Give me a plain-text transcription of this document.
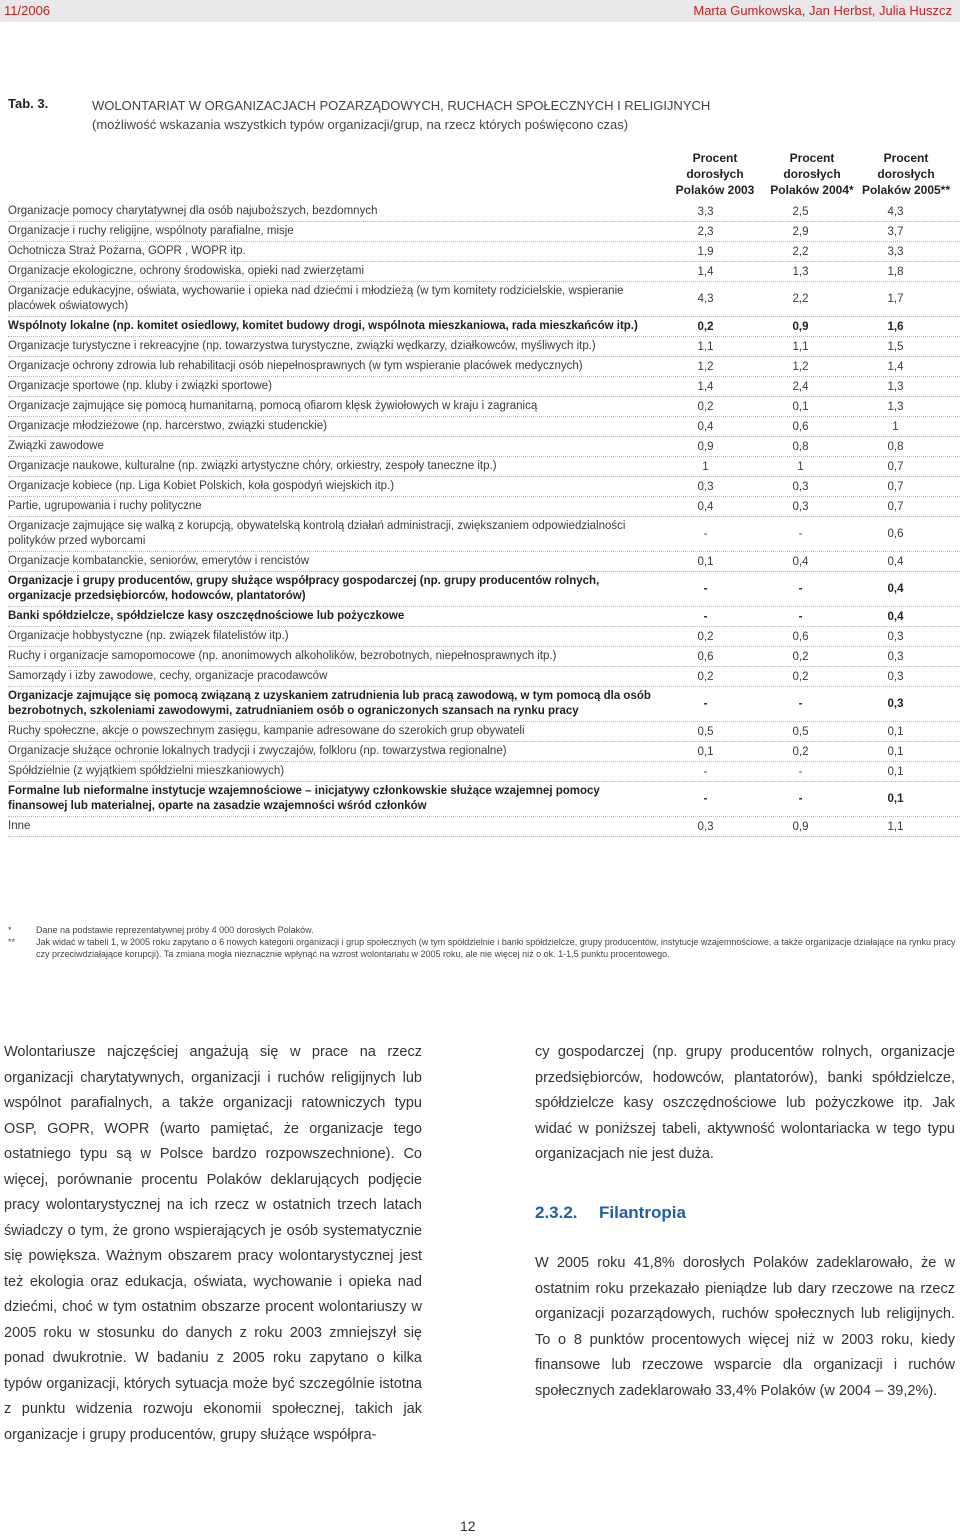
11/2006	Marta Gumkowska, Jan Herbst, Julia Huszcz
Tab. 3.	WOLONTARIAT W ORGANIZACJACH POZARZĄDOWYCH, RUCHACH SPOŁECZNYCH I RELIGIJNYCH
(możliwość wskazania wszystkich typów organizacji/grup, na rzecz których poświęcono czas)
Procent dorosłych Polaków 2003
Procent dorosłych Polaków 2004*
Procent dorosłych Polaków 2005**
Organizacje pomocy charytatywnej dla osób najuboższych, bezdomnych	3,3	2,5	4,3
Organizacje i ruchy religijne, wspólnoty parafialne, misje	2,3	2,9	3,7
Ochotnicza Straż Pożarna, GOPR , WOPR itp.	1,9	2,2	3,3
Organizacje ekologiczne, ochrony środowiska, opieki nad zwierzętami	1,4	1,3	1,8
Organizacje edukacyjne, oświata, wychowanie i opieka nad dziećmi i młodzieżą (w tym komitety rodzicielskie, wspieranie placówek oświatowych)
4,3	2,2	1,7
Wspólnoty lokalne (np. komitet osiedlowy, komitet budowy drogi, wspólnota mieszkaniowa, rada mieszkańców itp.)	0,2	0,9	1,6
Organizacje turystyczne i rekreacyjne (np. towarzystwa turystyczne, związki wędkarzy, działkowców, myśliwych itp.)	1,1	1,1	1,5
Organizacje ochrony zdrowia lub rehabilitacji osób niepełnosprawnych (w tym wspieranie placówek medycznych)	1,2	1,2	1,4
Organizacje sportowe (np. kluby i związki sportowe)	1,4	2,4	1,3
Organizacje zajmujące się pomocą humanitarną, pomocą ofiarom klęsk żywiołowych w kraju i zagranicą	0,2	0,1	1,3
Organizacje młodzieżowe (np. harcerstwo, związki studenckie)	0,4	0,6	1
Związki zawodowe	0,9	0,8	0,8
Organizacje naukowe, kulturalne (np. związki artystyczne chóry, orkiestry, zespoły taneczne itp.)	1	1	0,7
Organizacje kobiece (np. Liga Kobiet Polskich, koła gospodyń wiejskich itp.)	0,3	0,3	0,7
Partie, ugrupowania i ruchy polityczne	0,4	0,3	0,7
Organizacje zajmujące się walką z korupcją, obywatelską kontrolą działań administracji, zwiększaniem odpowiedzialności polityków przed wyborcami
-	-	0,6
Organizacje kombatanckie, seniorów, emerytów i rencistów	0,1	0,4	0,4
Organizacje i grupy producentów, grupy służące współpracy gospodarczej (np. grupy producentów rolnych, organizacje przedsiębiorców, hodowców, plantatorów)
-	-	0,4
Banki spółdzielcze, spółdzielcze kasy oszczędnościowe lub pożyczkowe	-	-	0,4
Organizacje hobbystyczne (np. związek filatelistów itp.)	0,2	0,6	0,3
Ruchy i organizacje samopomocowe (np. anonimowych alkoholików, bezrobotnych, niepełnosprawnych itp.)	0,6	0,2	0,3
Samorządy i izby zawodowe, cechy, organizacje pracodawców	0,2	0,2	0,3
Organizacje zajmujące się pomocą związaną z uzyskaniem zatrudnienia lub pracą zawodową, w tym pomocą dla osób bezrobotnych, szkoleniami zawodowymi, zatrudnianiem osób o ograniczonych szansach na rynku pracy
-	-	0,3
Ruchy społeczne, akcje o powszechnym zasięgu, kampanie adresowane do szerokich grup obywateli	0,5	0,5	0,1
Organizacje służące ochronie lokalnych tradycji i zwyczajów, folkloru (np. towarzystwa regionalne)	0,1	0,2	0,1
Spółdzielnie (z wyjątkiem spółdzielni mieszkaniowych)	-	-	0,1
Formalne lub nieformalne instytucje wzajemnościowe – inicjatywy członkowskie służące wzajemnej pomocy finansowej lub materialnej, oparte na zasadzie wzajemności wśród członków
-	-	0,1
Inne	0,3	0,9	1,1
*	Dane na podstawie reprezentatywnej próby 4 000 dorosłych Polaków.
**	Jak widać w tabeli 1, w 2005 roku zapytano o 6 nowych kategorii organizacji i grup społecznych (w tym spółdzielnie i banki spółdzielcze, grupy producentów, instytucje wzajemnościowe, a także organizacje działające na rynku pracy czy przeciwdziałające korupcji). Ta zmiana mogła nieznacznie wpłynąć na wzrost wolontariatu w 2005 roku, ale nie więcej niż o ok. 1-1,5 punktu procentowego.
Wolontariusze najczęściej angażują się w prace na rzecz organizacji charytatywnych, organizacji i ruchów religijnych lub wspólnot parafialnych, a także organizacji ratowniczych typu OSP, GOPR, WOPR (warto pamiętać, że organizacje tego ostatniego typu są w Polsce bardzo rozpowszechnione). Co więcej, porównanie procentu Polaków deklarujących podjęcie pracy wolontarystycznej na ich rzecz w ostatnich trzech latach świadczy o tym, że grono wspierających je osób systematycznie się powiększa. Ważnym obszarem pracy wolontarystycznej jest też ekologia oraz edukacja, oświata, wychowanie i opieka nad dziećmi, choć w tym ostatnim obszarze procent wolontariuszy w 2005 roku w stosunku do danych z roku 2003 zmniejszył się ponad dwukrotnie. W badaniu z 2005 roku zapytano o kilka typów organizacji, których sytuacja może być szczególnie istotna z punktu widzenia rozwoju ekonomii społecznej, takich jak organizacje i grupy producentów, grupy służące współpra-
cy gospodarczej (np. grupy producentów rolnych, organizacje przedsiębiorców, hodowców, plantatorów), banki spółdzielcze, spółdzielcze kasy oszczędnościowe lub pożyczkowe itp. Jak widać w poniższej tabeli, aktywność wolontariacka w tego typu organizacjach nie jest duża.
2.3.2. Filantropia
W 2005 roku 41,8% dorosłych Polaków zadeklarowało, że w ostatnim roku przekazało pieniądze lub dary rzeczowe na rzecz organizacji pozarządowych, ruchów społecznych lub religijnych. To o 8 punktów procentowych więcej niż w 2003 roku, kiedy finansowe lub rzeczowe wsparcie dla organizacji i ruchów społecznych zadeklarowało 33,4% Polaków (w 2004 – 39,2%).
12
